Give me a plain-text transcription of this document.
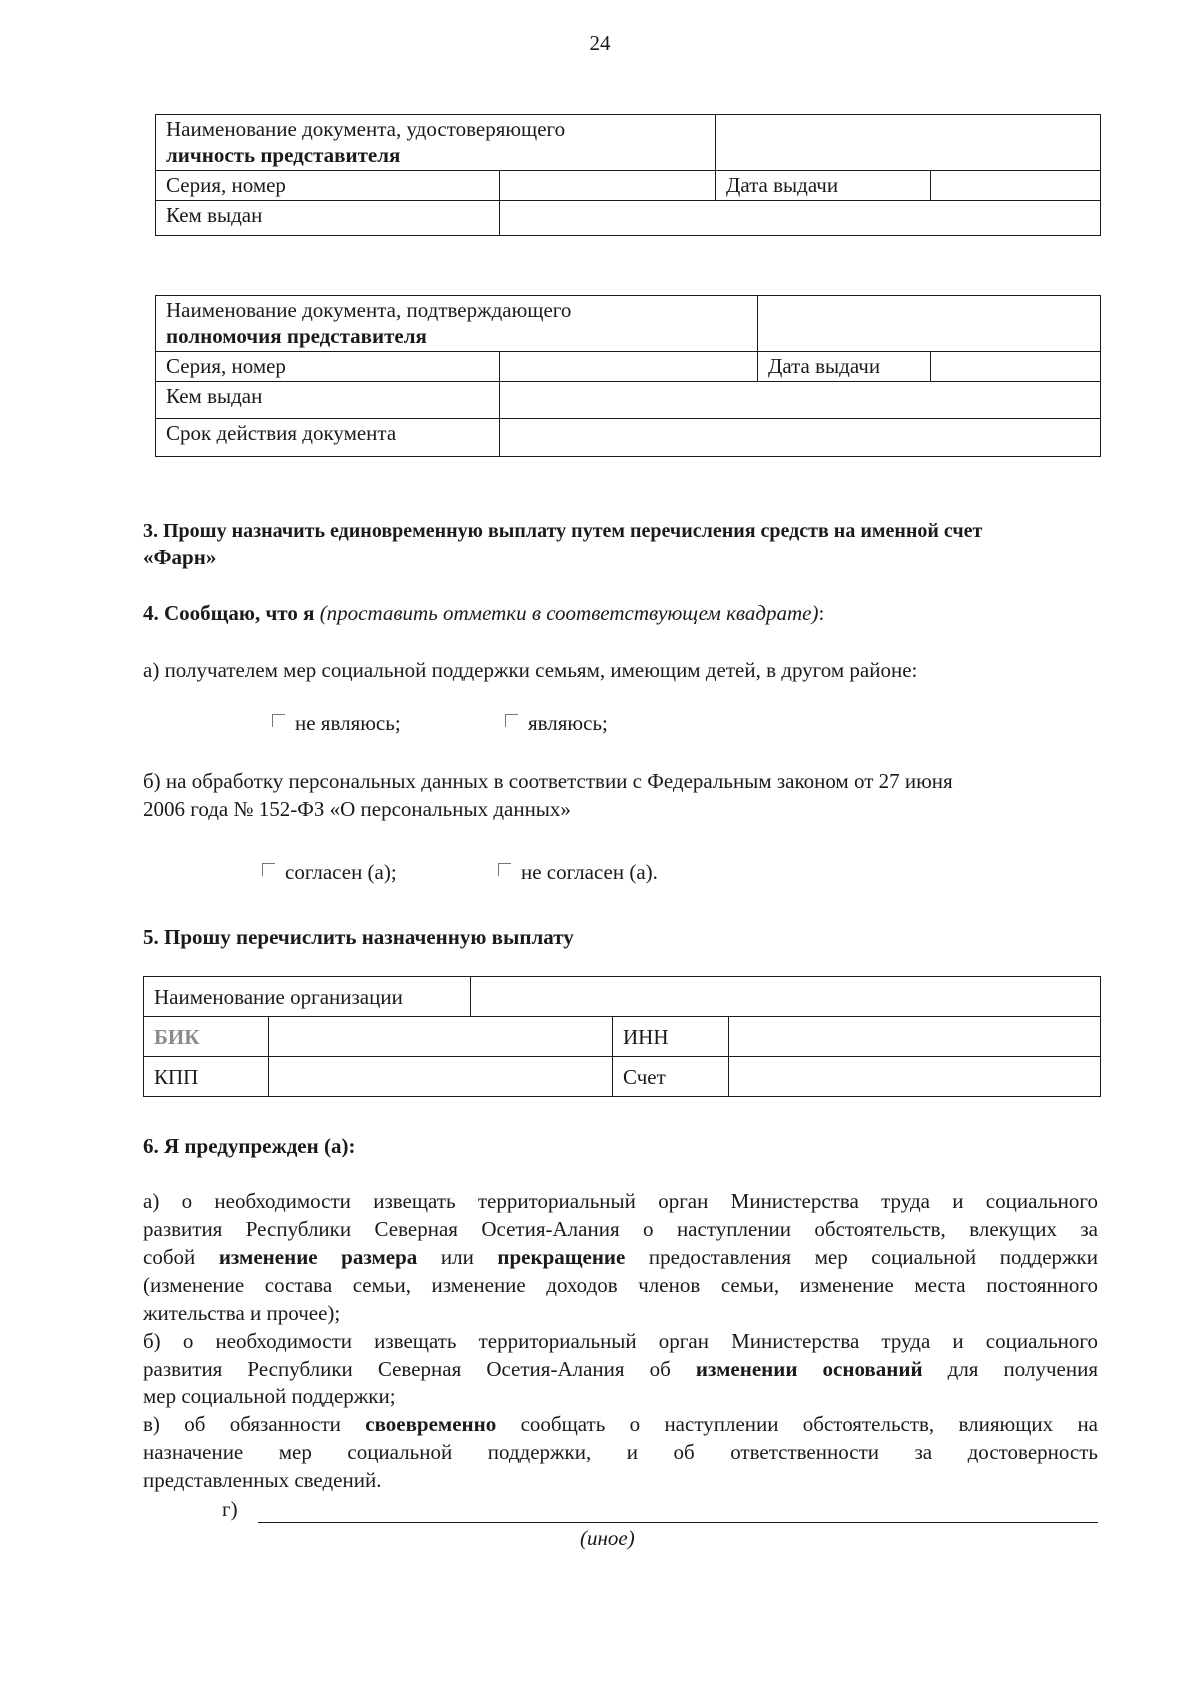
24
Наименование документа, удостоверяющего
личность представителя			
Серия, номер		Дата выдачи	
Кем выдан			
Наименование документа, подтверждающего
полномочия представителя			
Серия, номер		Дата выдачи	
Кем выдан			
Срок действия документа			
3. Прошу назначить единовременную выплату путем перечисления средств на именной счет
«Фарн»
4. Сообщаю, что я (проставить отметки в соответствующем квадрате):
а) получателем мер социальной поддержки семьям, имеющим детей, в другом районе:
не являюсь;	являюсь;
б) на обработку персональных данных в соответствии с Федеральным законом от 27 июня
2006 года № 152-ФЗ «О персональных данных»
согласен (а);	не согласен (а).
5. Прошу перечислить назначенную выплату
Наименование организации				
БИК			ИНН	
КПП			Счет	
6. Я предупрежден (а):
а) о необходимости извещать территориальный орган Министерства труда и социального
развития Республики Северная Осетия-Алания о наступлении обстоятельств, влекущих за
собой изменение размера или прекращение предоставления мер социальной поддержки
(изменение состава семьи, изменение доходов членов семьи, изменение места постоянного
жительства и прочее);
б) о необходимости извещать территориальный орган Министерства труда и социального
развития Республики Северная Осетия-Алания об изменении оснований для получения
мер социальной поддержки;
в) об обязанности своевременно сообщать о наступлении обстоятельств, влияющих на
назначение мер социальной поддержки, и об ответственности за достоверность
представленных сведений.
г)
(иное)
